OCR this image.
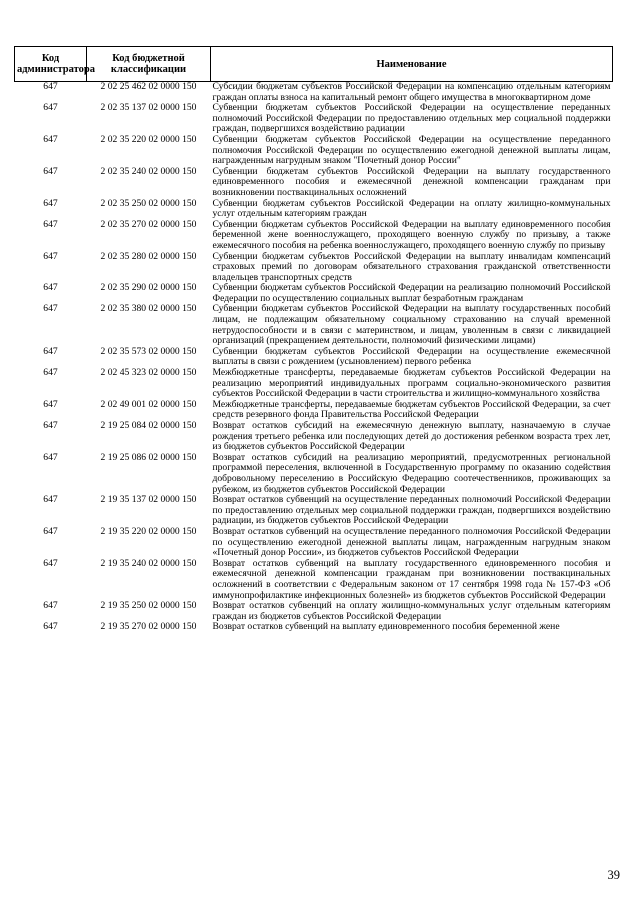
Код администратора	Код бюджетной классификации	Наименование
647	2 02 25 462 02 0000 150	Субсидии бюджетам субъектов Российской Федерации на компенсацию отдельным категориям граждан оплаты взноса на капитальный ремонт общего имущества в многоквартирном доме
647	2 02 35 137 02 0000 150	Субвенции бюджетам субъектов Российской Федерации на осуществление переданных полномочий Российской Федерации по предоставлению отдельных мер социальной поддержки граждан, подвергшихся воздействию радиации
647	2 02 35 220 02 0000 150	Субвенции бюджетам субъектов Российской Федерации на осуществление переданного полномочия Российской Федерации по осуществлению ежегодной денежной выплаты лицам, награжденным нагрудным знаком "Почетный донор России"
647	2 02 35 240 02 0000 150	Субвенции бюджетам субъектов Российской Федерации на выплату государственного единовременного пособия и ежемесячной денежной компенсации гражданам при возникновении поствакцинальных осложнений
647	2 02 35 250 02 0000 150	Субвенции бюджетам субъектов Российской Федерации на оплату жилищно-коммунальных услуг отдельным категориям граждан
647	2 02 35 270 02 0000 150	Субвенции бюджетам субъектов Российской Федерации на выплату единовременного пособия беременной жене военнослужащего, проходящего военную службу по призыву, а также ежемесячного пособия на ребенка военнослужащего, проходящего военную службу по призыву
647	2 02 35 280 02 0000 150	Субвенции бюджетам субъектов Российской Федерации на выплату инвалидам компенсаций страховых премий по договорам обязательного страхования гражданской ответственности владельцев транспортных средств
647	2 02 35 290 02 0000 150	Субвенции бюджетам субъектов Российской Федерации на реализацию полномочий Российской Федерации по осуществлению социальных выплат безработным гражданам
647	2 02 35 380 02 0000 150	Субвенции бюджетам субъектов Российской Федерации на выплату государственных пособий лицам, не подлежащим обязательному социальному страхованию на случай временной нетрудоспособности и в связи с материнством, и лицам, уволенным в связи с ликвидацией организаций (прекращением деятельности, полномочий физическими лицами)
647	2 02 35 573 02 0000 150	Субвенции бюджетам субъектов Российской Федерации на осуществление ежемесячной выплаты в связи с рождением (усыновлением) первого ребенка
647	2 02 45 323 02 0000 150	Межбюджетные трансферты, передаваемые бюджетам субъектов Российской Федерации на реализацию мероприятий индивидуальных программ социально-экономического развития субъектов Российской Федерации в части строительства и жилищно-коммунального хозяйства
647	2 02 49 001 02 0000 150	Межбюджетные трансферты, передаваемые бюджетам субъектов Российской Федерации, за счет средств резервного фонда Правительства Российской Федерации
647	2 19 25 084 02 0000 150	Возврат остатков субсидий на ежемесячную денежную выплату, назначаемую в случае рождения третьего ребенка или последующих детей до достижения ребенком возраста трех лет, из бюджетов субъектов Российской Федерации
647	2 19 25 086 02 0000 150	Возврат остатков субсидий на реализацию мероприятий, предусмотренных региональной программой переселения, включенной в Государственную программу по оказанию содействия добровольному переселению в Российскую Федерацию соотечественников, проживающих за рубежом, из бюджетов субъектов Российской Федерации
647	2 19 35 137 02 0000 150	Возврат остатков субвенций на осуществление переданных полномочий Российской Федерации по предоставлению отдельных мер социальной поддержки граждан, подвергшихся воздействию радиации, из бюджетов субъектов Российской Федерации
647	2 19 35 220 02 0000 150	Возврат остатков субвенций на осуществление переданного полномочия Российской Федерации по осуществлению ежегодной денежной выплаты лицам, награжденным нагрудным знаком «Почетный донор России», из бюджетов субъектов Российской Федерации
647	2 19 35 240 02 0000 150	Возврат остатков субвенций на выплату государственного единовременного пособия и ежемесячной денежной компенсации гражданам при возникновении поствакцинальных осложнений в соответствии с Федеральным законом от 17 сентября 1998 года № 157-ФЗ «Об иммунопрофилактике инфекционных болезней» из бюджетов субъектов Российской Федерации
647	2 19 35 250 02 0000 150	Возврат остатков субвенций на оплату жилищно-коммунальных услуг отдельным категориям граждан из бюджетов субъектов Российской Федерации
647	2 19 35 270 02 0000 150	Возврат остатков субвенций на выплату единовременного пособия беременной жене
39
